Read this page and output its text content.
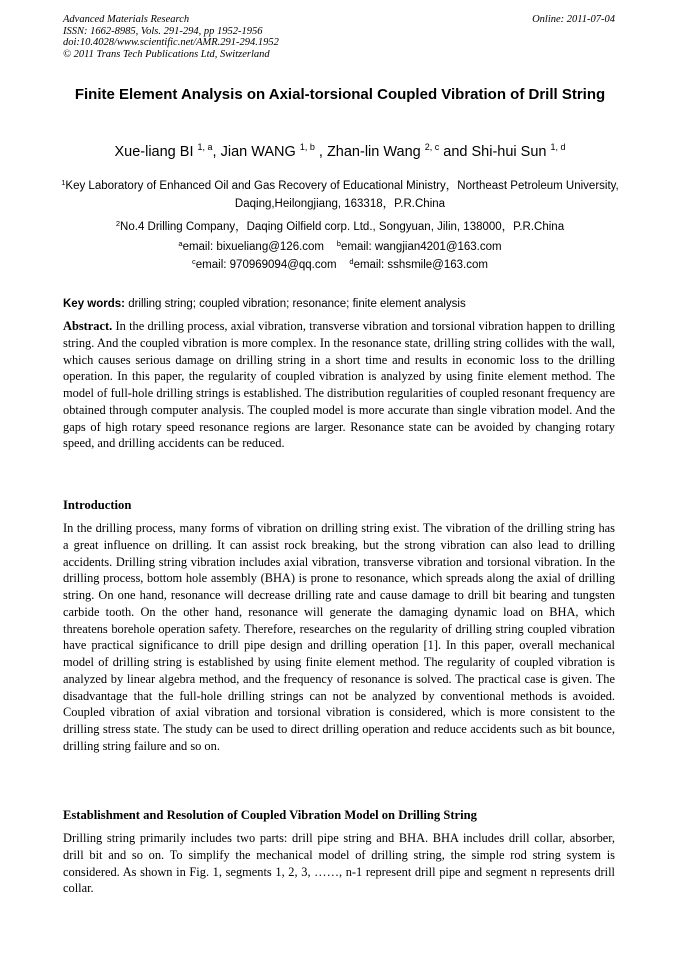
Advanced Materials Research
ISSN: 1662-8985, Vols. 291-294, pp 1952-1956
doi:10.4028/www.scientific.net/AMR.291-294.1952
© 2011 Trans Tech Publications Ltd, Switzerland
Online: 2011-07-04
Finite Element Analysis on Axial-torsional Coupled Vibration of Drill String
Xue-liang BI $^{1, a}$, Jian WANG $^{1, b}$ , Zhan-lin Wang $^{2, c}$ and Shi-hui Sun $^{1, d}$
$^1$Key Laboratory of Enhanced Oil and Gas Recovery of Educational Ministry，Northeast Petroleum University, Daqing,Heilongjiang, 163318，P.R.China
$^2$No.4 Drilling Company，Daqing Oilfield corp. Ltd., Songyuan, Jilin, 138000，P.R.China
$^a$email: bixueliang@126.com $^b$email: wangjian4201@163.com
$^c$email: 970969094@qq.com $^d$email: sshsmile@163.com
Key words: drilling string; coupled vibration; resonance; finite element analysis
Abstract. In the drilling process, axial vibration, transverse vibration and torsional vibration happen to drilling string. And the coupled vibration is more complex. In the resonance state, drilling string collides with the wall, which causes serious damage on drilling string in a short time and results in economic loss to the drilling operation. In this paper, the regularity of coupled vibration is analyzed by using finite element method. The model of full-hole drilling strings is established. The distribution regularities of coupled resonant frequency are obtained through computer analysis. The coupled model is more accurate than single vibration model. And the gaps of high rotary speed resonance regions are larger. Resonance state can be avoided by changing rotary speed, and drilling accidents can be reduced.
Introduction
In the drilling process, many forms of vibration on drilling string exist. The vibration of the drilling string has a great influence on drilling. It can assist rock breaking, but the strong vibration can also lead to drilling accidents. Drilling string vibration includes axial vibration, transverse vibration and torsional vibration. In the drilling process, bottom hole assembly (BHA) is prone to resonance, which spreads along the axial of drilling string. On one hand, resonance will decrease drilling rate and cause damage to drill bit bearing and tungsten carbide tooth. On the other hand, resonance will generate the damaging dynamic load on BHA, which threatens borehole operation safety. Therefore, researches on the regularity of drilling string coupled vibration have practical significance to drill pipe design and drilling operation [1]. In this paper, overall mechanical model of drilling string is established by using finite element method. The regularity of coupled vibration is analyzed by linear algebra method, and the frequency of resonance is solved. The practical case is given. The disadvantage that the full-hole drilling strings can not be analyzed by conventional methods is avoided. Coupled vibration of axial vibration and torsional vibration is considered, which is more consistent to the drilling stress state. The study can be used to direct drilling operation and reduce accidents such as bit bounce, drilling string failure and so on.
Establishment and Resolution of Coupled Vibration Model on Drilling String
Drilling string primarily includes two parts: drill pipe string and BHA. BHA includes drill collar, absorber, drill bit and so on. To simplify the mechanical model of drilling string, the simple rod string system is considered. As shown in Fig. 1, segments 1, 2, 3, ……, n-1 represent drill pipe and segment n represents drill collar.
